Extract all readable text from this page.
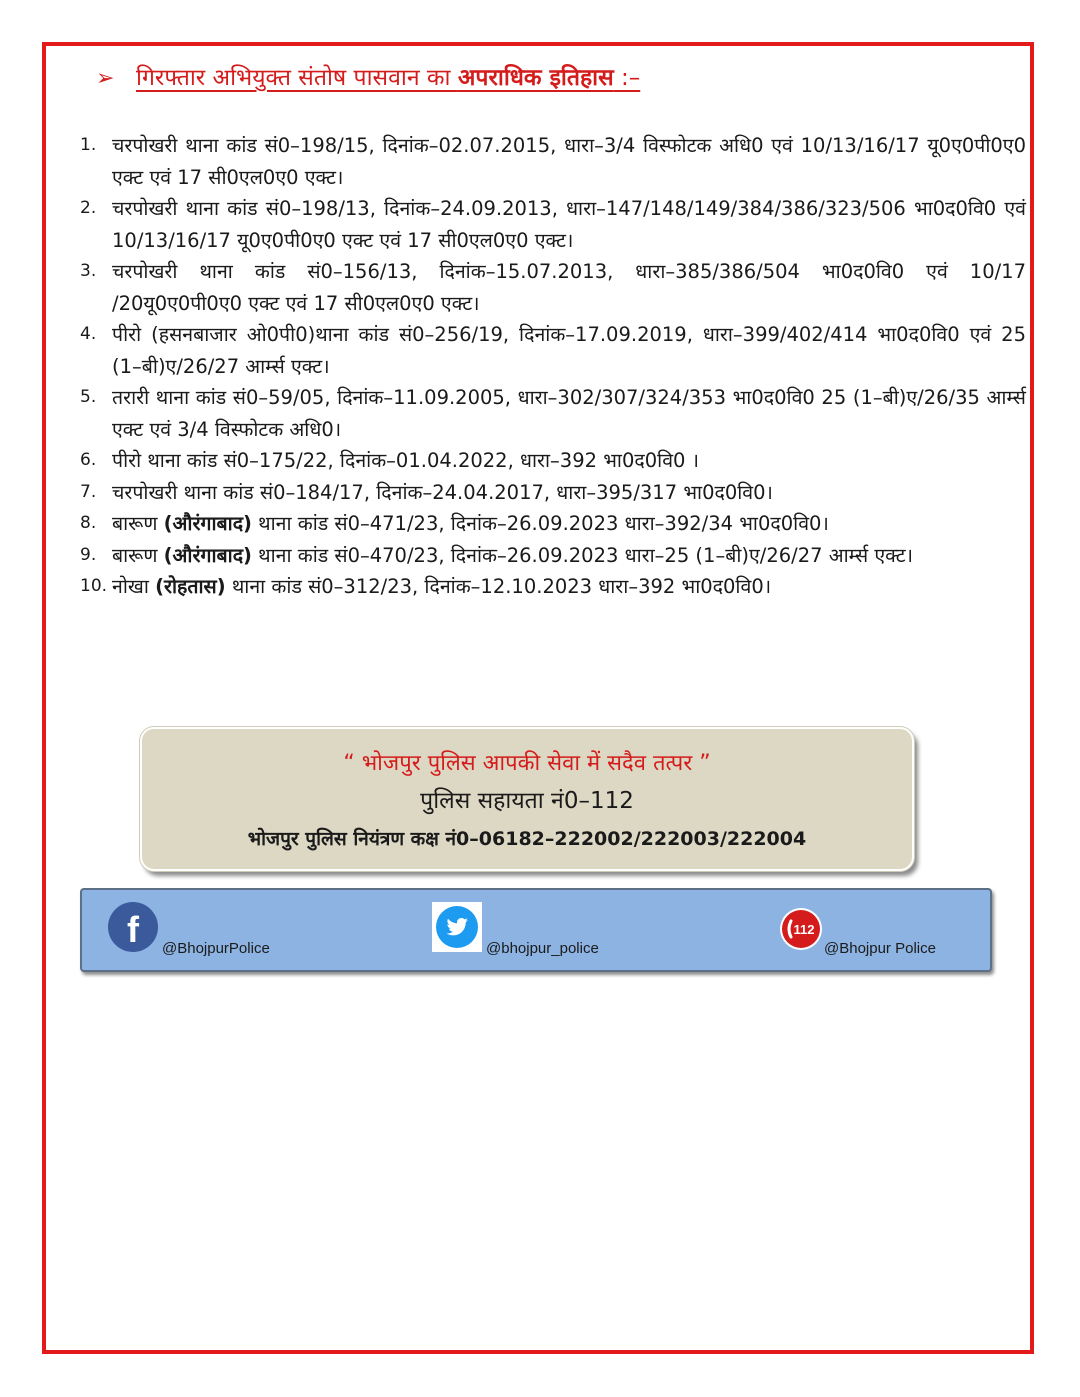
➢ गिरफ्तार अभियुक्त संतोष पासवान का अपराधिक इतिहास :–
1. चरपोखरी थाना कांड सं0–198/15, दिनांक–02.07.2015, धारा–3/4 विस्फोटक अधि0 एवं 10/13/16/17 यू0ए0पी0ए0 एक्ट एवं 17 सी0एल0ए0 एक्ट।
2. चरपोखरी थाना कांड सं0–198/13, दिनांक–24.09.2013, धारा–147/148/149/384/386/323/506 भा0द0वि0 एवं 10/13/16/17 यू0ए0पी0ए0 एक्ट एवं 17 सी0एल0ए0 एक्ट।
3. चरपोखरी थाना कांड सं0–156/13, दिनांक–15.07.2013, धारा–385/386/504 भा0द0वि0 एवं 10/17 /20यू0ए0पी0ए0 एक्ट एवं 17 सी0एल0ए0 एक्ट।
4. पीरो (हसनबाजार ओ0पी0)थाना कांड सं0–256/19, दिनांक–17.09.2019, धारा–399/402/414 भा0द0वि0 एवं 25 (1–बी)ए/26/27 आर्म्स एक्ट।
5. तरारी थाना कांड सं0–59/05, दिनांक–11.09.2005, धारा–302/307/324/353 भा0द0वि0 25 (1–बी)ए/26/35 आर्म्स एक्ट एवं 3/4 विस्फोटक अधि0।
6. पीरो थाना कांड सं0–175/22, दिनांक–01.04.2022, धारा–392 भा0द0वि0 ।
7. चरपोखरी थाना कांड सं0–184/17, दिनांक–24.04.2017, धारा–395/317 भा0द0वि0।
8. बारूण (औरंगाबाद) थाना कांड सं0–471/23, दिनांक–26.09.2023 धारा–392/34 भा0द0वि0।
9. बारूण (औरंगाबाद) थाना कांड सं0–470/23, दिनांक–26.09.2023 धारा–25 (1–बी)ए/26/27 आर्म्स एक्ट।
10. नोखा (रोहतास) थाना कांड सं0–312/23, दिनांक–12.10.2023 धारा–392 भा0द0वि0।
“ भोजपुर पुलिस आपकी सेवा में सदैव तत्पर ”
पुलिस सहायता नं0–112
भोजपुर पुलिस नियंत्रण कक्ष नं0–06182–222002/222003/222004
f	@BhojpurPolice	@bhojpur_police
112
@Bhojpur Police
